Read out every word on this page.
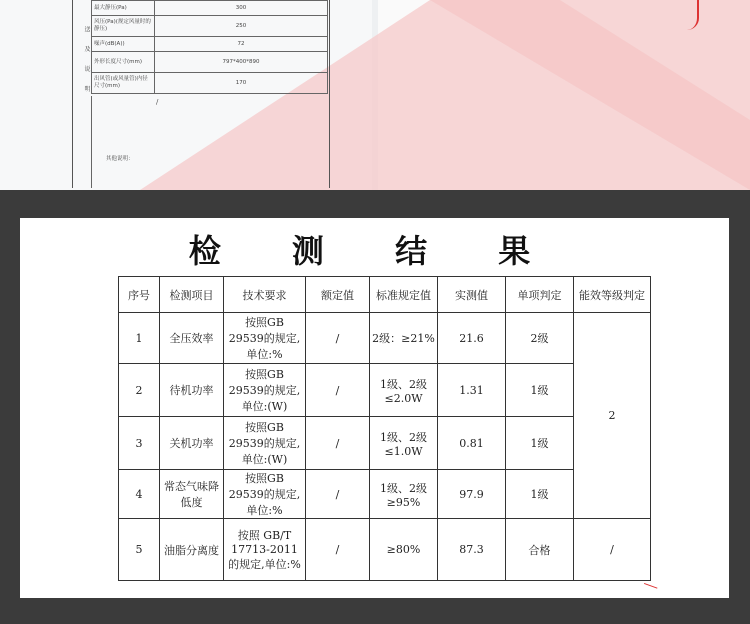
送 及 说 明
最大静压(Pa)	300
风压(Pa)(规定风量时的静压)	250
噪声(dB(A))	72
外形长度尺寸(mm)	797*400*890
出风管(或风量管)内径尺寸(mm)	170
/
其他说明：
检 测 结 果
序号	检测项目	技术要求	额定值	标准规定值	实测值	单项判定	能效等级判定
1	全压效率	按照GB 29539的规定,单位:%	/	2级：≥21%	21.6	2级	2
2	待机功率	按照GB 29539的规定,单位:(W)	/	1级、2级≤2.0W	1.31	1级	
3	关机功率	按照GB 29539的规定,单位:(W)	/	1级、2级≤1.0W	0.81	1级	
4	常态气味降低度	按照GB 29539的规定,单位:%	/	1级、2级≥95%	97.9	1级	
5	油脂分离度	按照 GB/T 17713-2011的规定,单位:%	/	≥80%	87.3	合格	/
